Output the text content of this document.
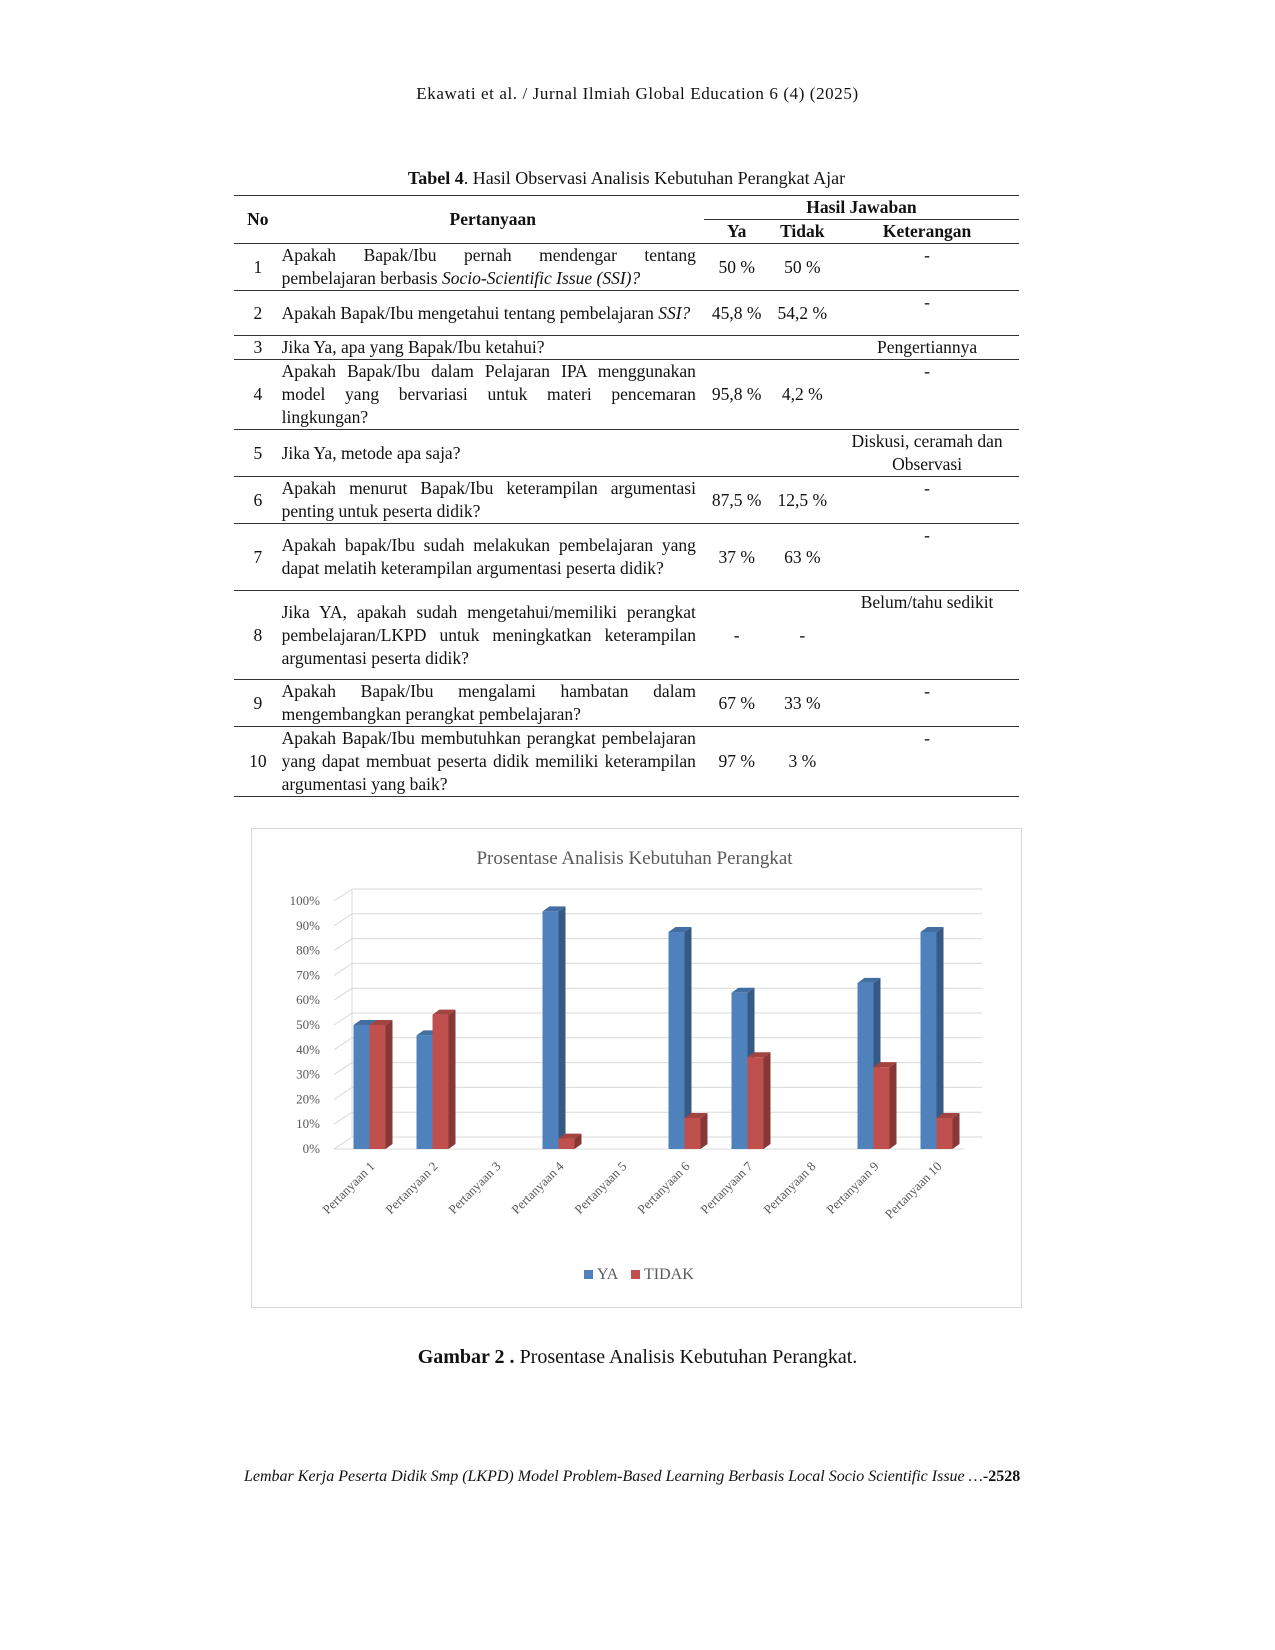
Ekawati et al. / Jurnal Ilmiah Global Education 6 (4) (2025)
Tabel 4. Hasil Observasi Analisis Kebutuhan Perangkat Ajar
No	Pertanyaan	Hasil Jawaban		
		Ya	Tidak	Keterangan
1	Apakah Bapak/Ibu pernah mendengar tentang pembelajaran berbasis Socio-Scientific Issue (SSI)?	50 %	50 %	-
2	Apakah Bapak/Ibu mengetahui tentang pembelajaran SSI?	45,8 %	54,2 %	-
3	Jika Ya, apa yang Bapak/Ibu ketahui?			Pengertiannya
4	Apakah Bapak/Ibu dalam Pelajaran IPA menggunakan model yang bervariasi untuk materi pencemaran lingkungan?	95,8 %	4,2 %	-
5	Jika Ya, metode apa saja?			Diskusi, ceramah dan Observasi
6	Apakah menurut Bapak/Ibu keterampilan argumentasi penting untuk peserta didik?	87,5 %	12,5 %	-
7	Apakah bapak/Ibu sudah melakukan pembelajaran yang dapat melatih keterampilan argumentasi peserta didik?	37 %	63 %	-
8	Jika YA, apakah sudah mengetahui/memiliki perangkat pembelajaran/LKPD untuk meningkatkan keterampilan argumentasi peserta didik?	-	-	Belum/tahu sedikit
9	Apakah Bapak/Ibu mengalami hambatan dalam mengembangkan perangkat pembelajaran?	67 %	33 %	-
10	Apakah Bapak/Ibu membutuhkan perangkat pembelajaran yang dapat membuat peserta didik memiliki keterampilan argumentasi yang baik?	97 %	3 %	-
Prosentase Analisis Kebutuhan Perangkat
0%
10%
20%
30%
40%
50%
60%
70%
80%
90%
100%
Pertanyaan 1 Pertanyaan 2 Pertanyaan 3 Pertanyaan 4 Pertanyaan 5 Pertanyaan 6 Pertanyaan 7 Pertanyaan 8 Pertanyaan 9 Pertanyaan 10
YA TIDAK
Gambar 2 . Prosentase Analisis Kebutuhan Perangkat.
Lembar Kerja Peserta Didik Smp (LKPD) Model Problem-Based Learning Berbasis Local Socio Scientific Issue …-2528
